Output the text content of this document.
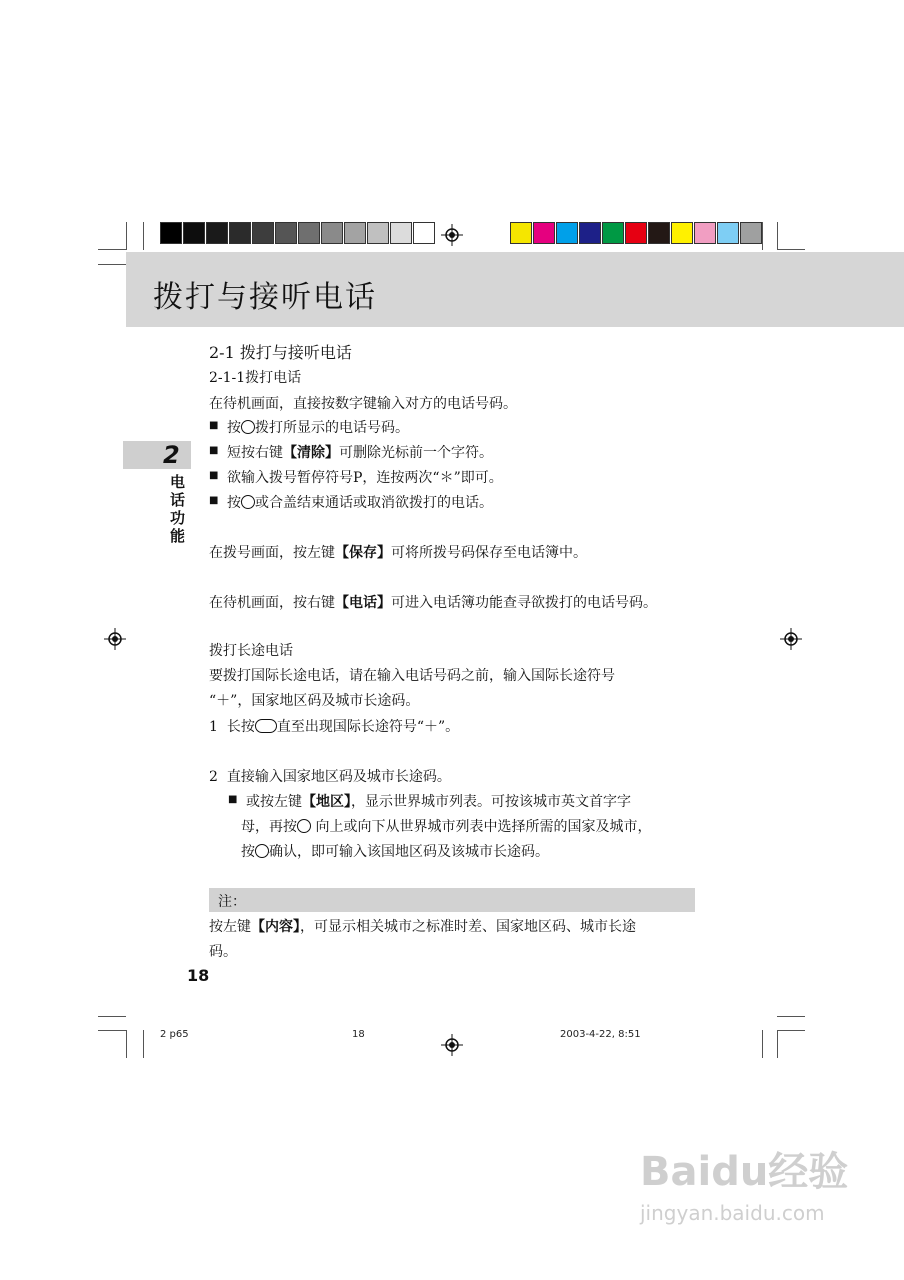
拨打与接听电话
2
电话功能
2-1 拨打与接听电话
2-1-1拨打电话
在待机画面，直接按数字键输入对方的电话号码。
■ 按 拨打所显示的电话号码。
■ 短按右键【清除】可删除光标前一个字符。
■ 欲输入拨号暂停符号P，连按两次“＊”即可。
■ 按 或合盖结束通话或取消欲拨打的电话。
在拨号画面，按左键【保存】可将所拨号码保存至电话簿中。
在待机画面，按右键【电话】可进入电话簿功能查寻欲拨打的电话号码。
拨打长途电话
要拨打国际长途电话，请在输入电话号码之前，输入国际长途符号
“＋”，国家地区码及城市长途码。
1 长按 直至出现国际长途符号“＋”。
2 直接输入国家地区码及城市长途码。
■ 或按左键【地区】，显示世界城市列表。可按该城市英文首字字
母，再按 向上或向下从世界城市列表中选择所需的国家及城市，
按 确认，即可输入该国地区码及该城市长途码。
注：
按左键【内容】，可显示相关城市之标准时差、国家地区码、城市长途
码。
18
2 p65	18	2003-4-22, 8:51
Baidu经验
jingyan.baidu.com
